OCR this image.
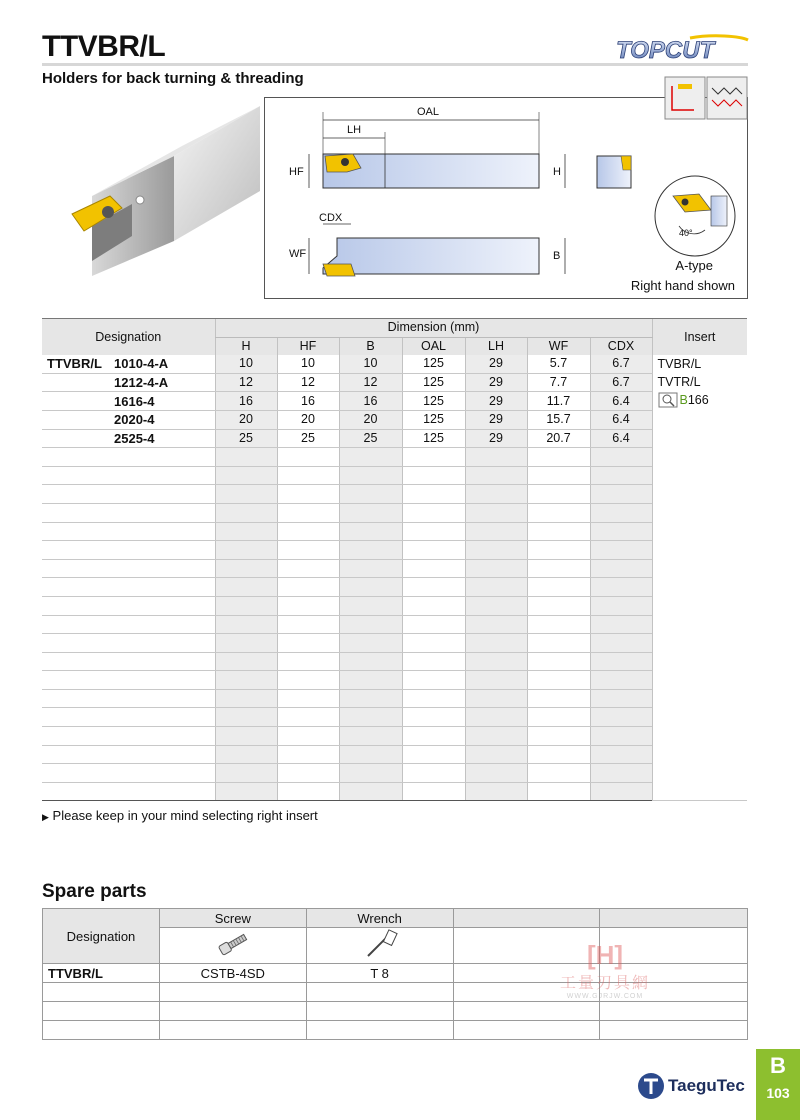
TTVBR/L	TOPCUT
Holders for back turning & threading
OAL
LH
HF	H
CDX
WF	B
40°
A-type
Right hand shown
Designation		Dimension (mm)							Insert
		H	HF	B	OAL	LH	WF	CDX	
TTVBR/L	1010-4-A	10	10	10	125	29	5.7	6.7	TVBR/L
TVTR/L
B 166

	1212-4-A	12	12	12	125	29	7.7	6.7	
	1616-4	16	16	16	125	29	11.7	6.4	
	2020-4	20	20	20	125	29	15.7	6.4	
	2525-4	25	25	25	125	29	20.7	6.4	

▶ Please keep in your mind selecting right insert
Spare parts
Designation	Screw	Wrench		

TTVBR/L	CSTB-4SD	T 8		

[H]
工量刃具網
WWW.GJRJW.COM
TaeguTec
B
103
